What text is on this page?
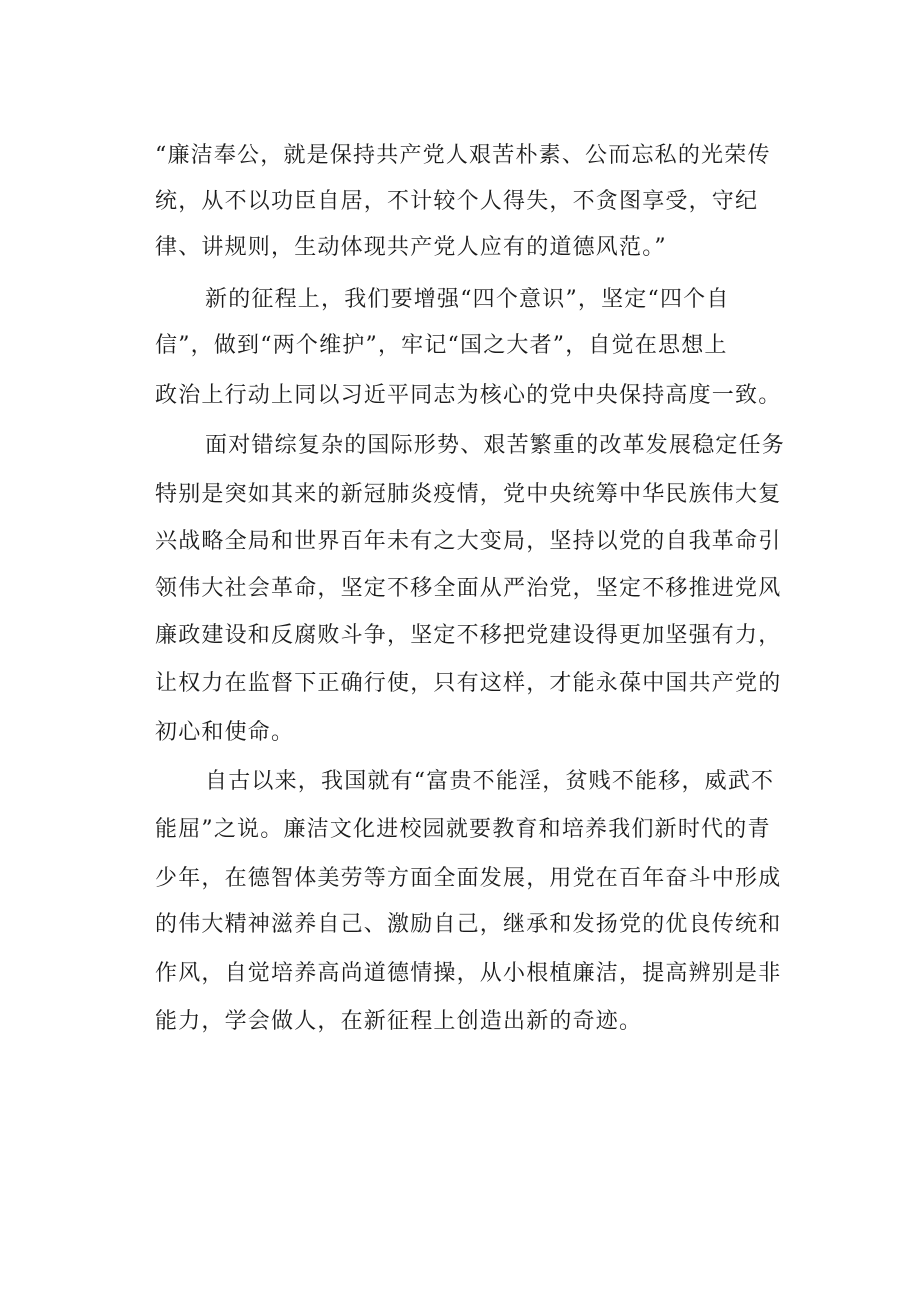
“廉洁奉公，就是保持共产党人艰苦朴素、公而忘私的光荣传
统，从不以功臣自居，不计较个人得失，不贪图享受，守纪
律、讲规则，生动体现共产党人应有的道德风范。”
新的征程上，我们要增强“四个意识”，坚定“四个自
信”，做到“两个维护”，牢记“国之大者”，自觉在思想上
政治上行动上同以习近平同志为核心的党中央保持高度一致。
面对错综复杂的国际形势、艰苦繁重的改革发展稳定任务
特别是突如其来的新冠肺炎疫情，党中央统筹中华民族伟大复
兴战略全局和世界百年未有之大变局，坚持以党的自我革命引
领伟大社会革命，坚定不移全面从严治党，坚定不移推进党风
廉政建设和反腐败斗争，坚定不移把党建设得更加坚强有力，
让权力在监督下正确行使，只有这样，才能永葆中国共产党的
初心和使命。
自古以来，我国就有“富贵不能淫，贫贱不能移，威武不
能屈”之说。廉洁文化进校园就要教育和培养我们新时代的青
少年，在德智体美劳等方面全面发展，用党在百年奋斗中形成
的伟大精神滋养自己、激励自己，继承和发扬党的优良传统和
作风，自觉培养高尚道德情操，从小根植廉洁，提高辨别是非
能力，学会做人，在新征程上创造出新的奇迹。
